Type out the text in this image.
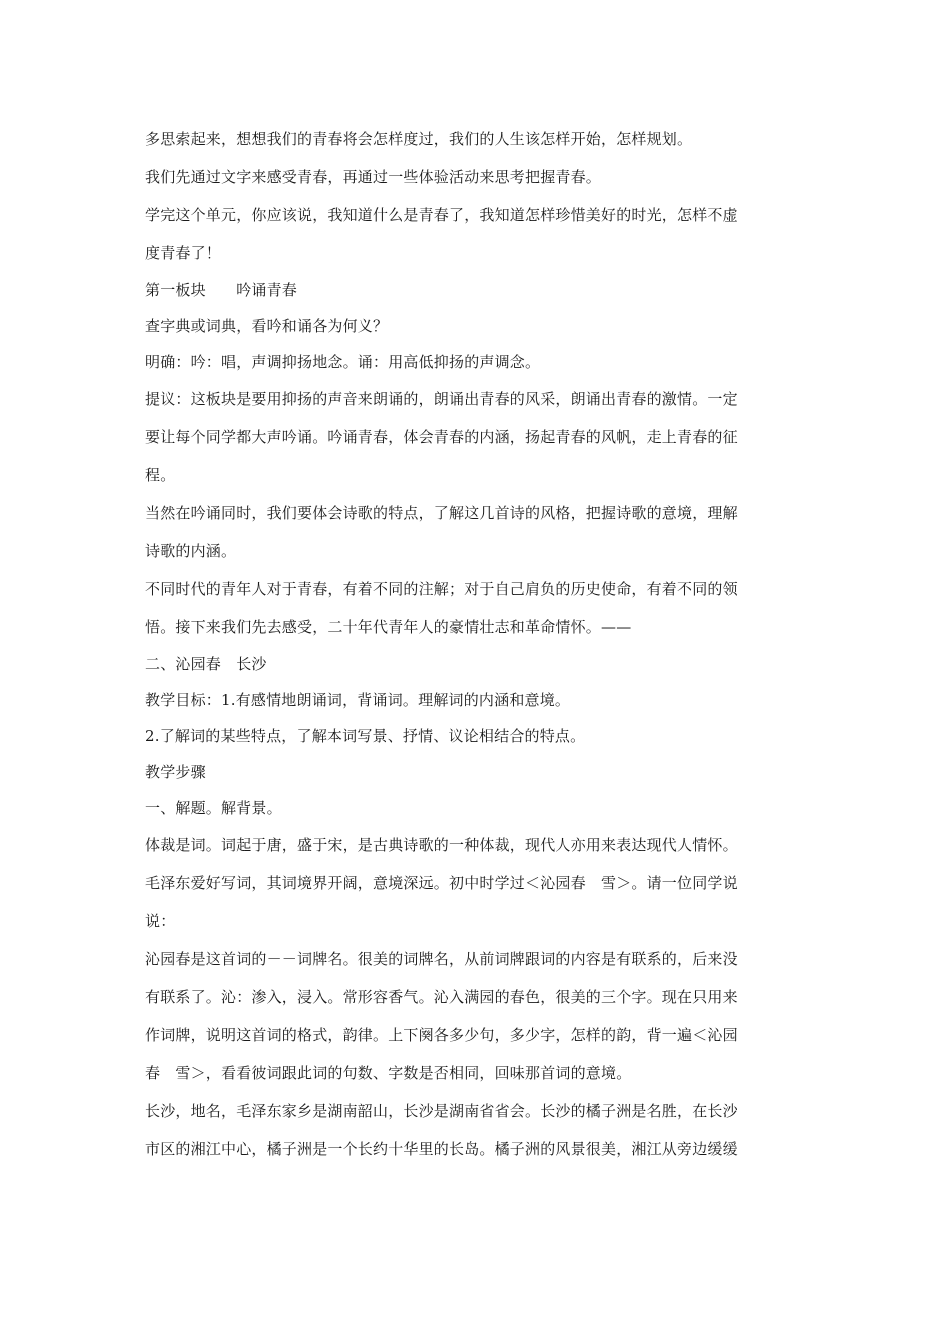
多思索起来，想想我们的青春将会怎样度过，我们的人生该怎样开始，怎样规划。
我们先通过文字来感受青春，再通过一些体验活动来思考把握青春。
学完这个单元，你应该说，我知道什么是青春了，我知道怎样珍惜美好的时光，怎样不虚
度青春了！
第一板块　　吟诵青春
查字典或词典，看吟和诵各为何义？
明确：吟：唱，声调抑扬地念。诵：用高低抑扬的声调念。
提议：这板块是要用抑扬的声音来朗诵的，朗诵出青春的风采，朗诵出青春的激情。一定
要让每个同学都大声吟诵。吟诵青春，体会青春的内涵，扬起青春的风帆，走上青春的征
程。
当然在吟诵同时，我们要体会诗歌的特点，了解这几首诗的风格，把握诗歌的意境，理解
诗歌的内涵。
不同时代的青年人对于青春，有着不同的注解；对于自己肩负的历史使命，有着不同的领
悟。接下来我们先去感受，二十年代青年人的豪情壮志和革命情怀。——
二、沁园春　长沙
教学目标：1.有感情地朗诵词，背诵词。理解词的内涵和意境。
2.了解词的某些特点，了解本词写景、抒情、议论相结合的特点。
教学步骤
一、解题。解背景。
体裁是词。词起于唐，盛于宋，是古典诗歌的一种体裁，现代人亦用来表达现代人情怀。
毛泽东爱好写词，其词境界开阔，意境深远。初中时学过＜沁园春　雪＞。请一位同学说
说：
沁园春是这首词的－－词牌名。很美的词牌名，从前词牌跟词的内容是有联系的，后来没
有联系了。沁：渗入，浸入。常形容香气。沁入满园的春色，很美的三个字。现在只用来
作词牌，说明这首词的格式，韵律。上下阕各多少句，多少字，怎样的韵，背一遍＜沁园
春　雪＞，看看彼词跟此词的句数、字数是否相同，回味那首词的意境。
长沙，地名，毛泽东家乡是湖南韶山，长沙是湖南省省会。长沙的橘子洲是名胜，在长沙
市区的湘江中心，橘子洲是一个长约十华里的长岛。橘子洲的风景很美，湘江从旁边缓缓
